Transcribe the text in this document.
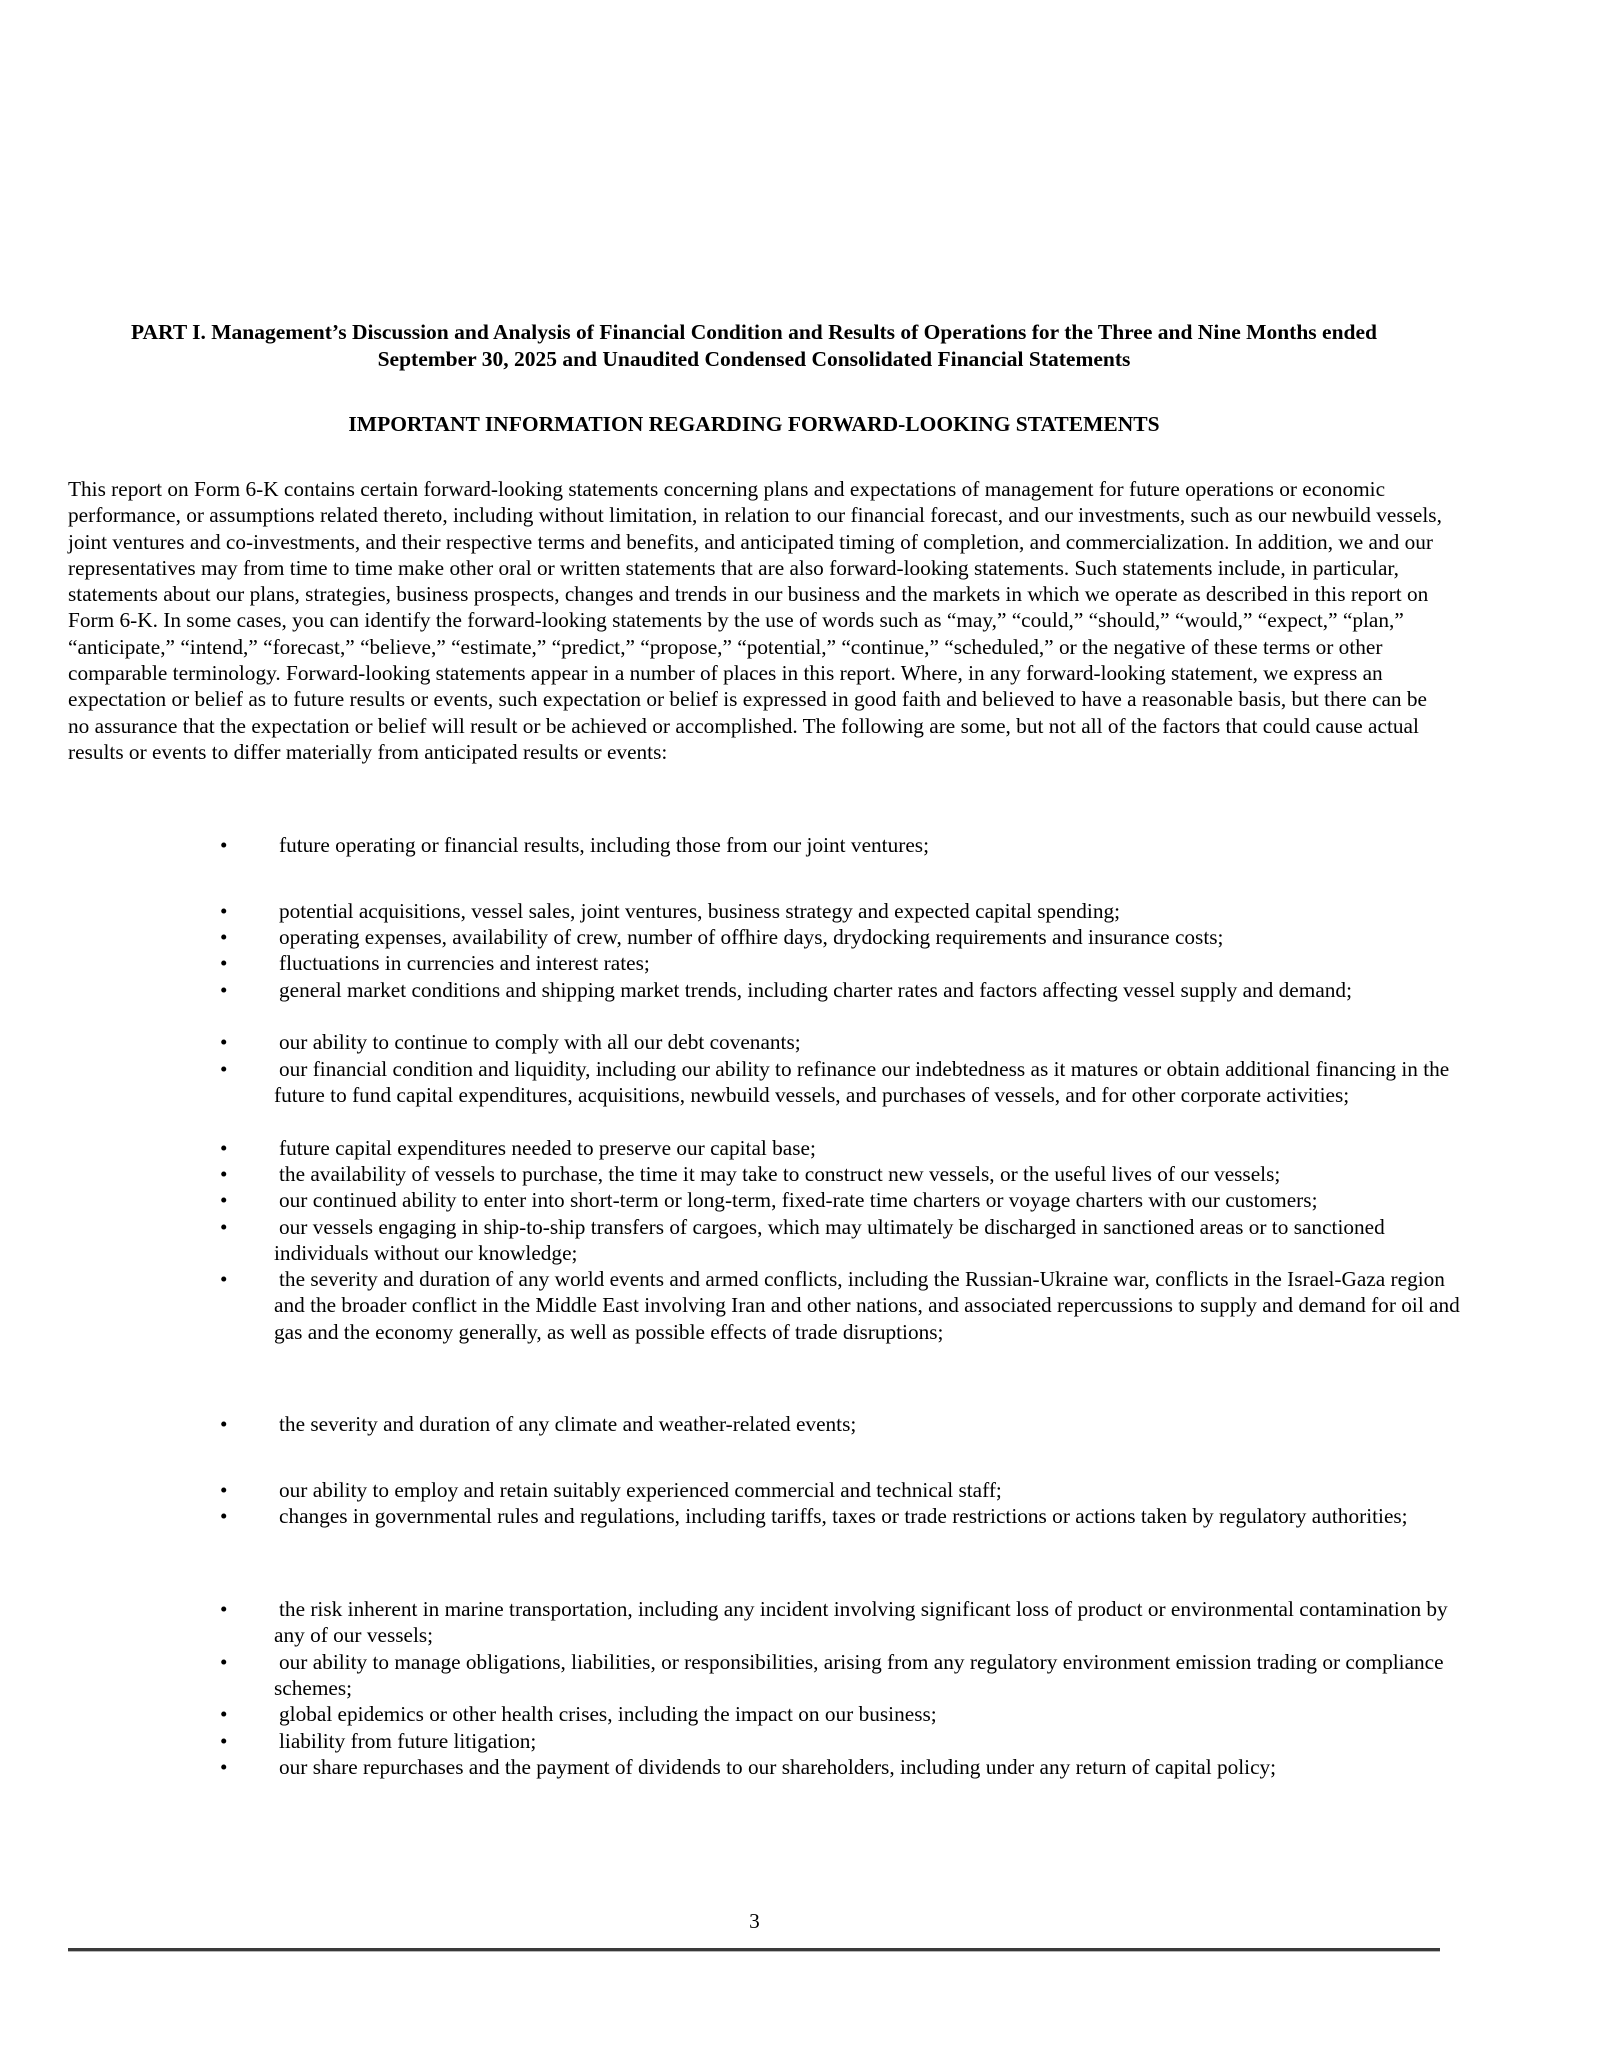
PART I. Management’s Discussion and Analysis of Financial Condition and Results of Operations for the Three and Nine Months ended
September 30, 2025 and Unaudited Condensed Consolidated Financial Statements
IMPORTANT INFORMATION REGARDING FORWARD-LOOKING STATEMENTS

This report on Form 6-K contains certain forward-looking statements concerning plans and expectations of management for future operations or economic performance, or assumptions related thereto, including without limitation, in relation to our financial forecast, and our investments, such as our newbuild vessels, joint ventures and co-investments, and their respective terms and benefits, and anticipated timing of completion, and commercialization. In addition, we and our representatives may from time to time make other oral or written statements that are also forward-looking statements. Such statements include, in particular, statements about our plans, strategies, business prospects, changes and trends in our business and the markets in which we operate as described in this report on Form 6-K. In some cases, you can identify the forward-looking statements by the use of words such as “may,” “could,” “should,” “would,” “expect,” “plan,” “anticipate,” “intend,” “forecast,” “believe,” “estimate,” “predict,” “propose,” “potential,” “continue,” “scheduled,” or the negative of these terms or other comparable terminology. Forward-looking statements appear in a number of places in this report. Where, in any forward-looking statement, we express an expectation or belief as to future results or events, such expectation or belief is expressed in good faith and believed to have a reasonable basis, but there can be no assurance that the expectation or belief will result or be achieved or accomplished. The following are some, but not all of the factors that could cause actual results or events to differ materially from anticipated results or events:

•	future operating or financial results, including those from our joint ventures;
•	potential acquisitions, vessel sales, joint ventures, business strategy and expected capital spending;
•	operating expenses, availability of crew, number of offhire days, drydocking requirements and insurance costs;
•	fluctuations in currencies and interest rates;
•	general market conditions and shipping market trends, including charter rates and factors affecting vessel supply and demand;
•	our ability to continue to comply with all our debt covenants;
•	our financial condition and liquidity, including our ability to refinance our indebtedness as it matures or obtain additional financing in the future to fund capital expenditures, acquisitions, newbuild vessels, and purchases of vessels, and for other corporate activities;
•	future capital expenditures needed to preserve our capital base;
•	the availability of vessels to purchase, the time it may take to construct new vessels, or the useful lives of our vessels;
•	our continued ability to enter into short-term or long-term, fixed-rate time charters or voyage charters with our customers;
•	our vessels engaging in ship-to-ship transfers of cargoes, which may ultimately be discharged in sanctioned areas or to sanctioned individuals without our knowledge;
•	the severity and duration of any world events and armed conflicts, including the Russian-Ukraine war, conflicts in the Israel-Gaza region and the broader conflict in the Middle East involving Iran and other nations, and associated repercussions to supply and demand for oil and gas and the economy generally, as well as possible effects of trade disruptions;
•	the severity and duration of any climate and weather-related events;
•	our ability to employ and retain suitably experienced commercial and technical staff;
•	changes in governmental rules and regulations, including tariffs, taxes or trade restrictions or actions taken by regulatory authorities;
•	the risk inherent in marine transportation, including any incident involving significant loss of product or environmental contamination by any of our vessels;
•	our ability to manage obligations, liabilities, or responsibilities, arising from any regulatory environment emission trading or compliance schemes;
•	global epidemics or other health crises, including the impact on our business;
•	liability from future litigation;
•	our share repurchases and the payment of dividends to our shareholders, including under any return of capital policy;
3
